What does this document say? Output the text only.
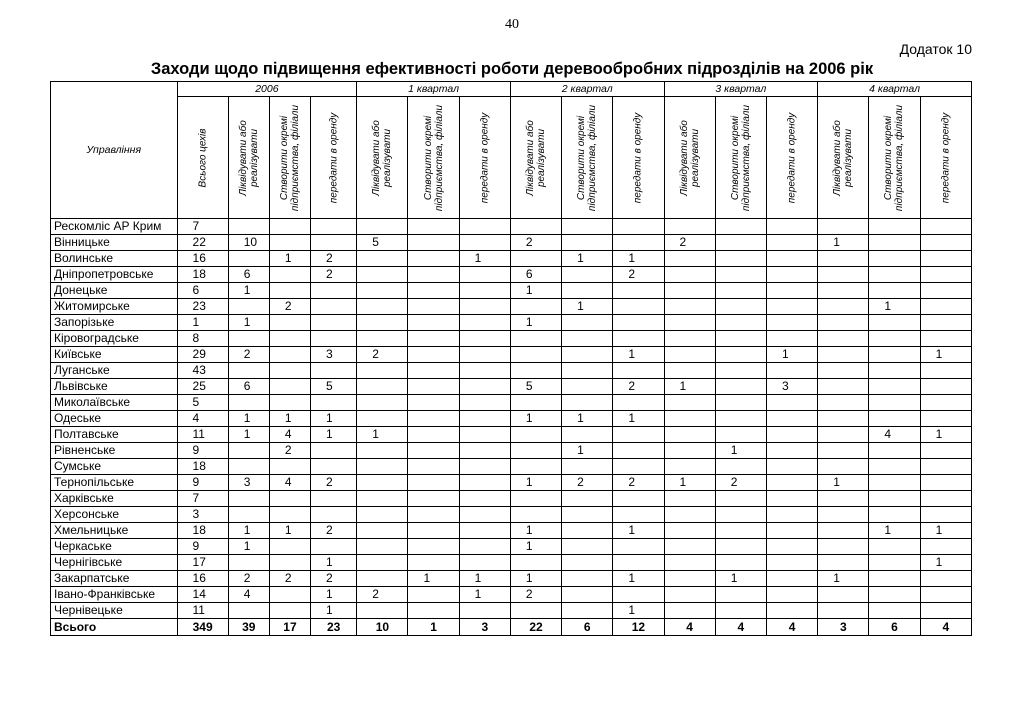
40
Додаток 10
Заходи щодо підвищення ефективності роботи деревообробних підрозділів на 2006 рік
Управління	2006				1 квартал			2 квартал			3 квартал			4 квартал		

	Всього цехів	Ліквідувати або реалізувати	Створити окремі підприємства, філіали	передати в оренду	Ліквідувати або реалізувати	Створити окремі підприємства, філіали	передати в оренду	Ліквідувати або реалізувати	Створити окремі підприємства, філіали	передати в оренду	Ліквідувати або реалізувати	Створити окремі підприємства, філіали	передати в оренду	Ліквідувати або реалізувати	Створити окремі підприємства, філіали	передати в оренду

Рескомліс АР Крим	7															
Вінницьке	22	10			5			2			2			1		
Волинське	16		1	2			1		1	1						
Дніпропетровське	18	6		2				6		2						
Донецьке	6	1						1								
Житомирське	23		2						1						1	
Запорізьке	1	1						1								
Кіровоградське	8															
Київське	29	2		3	2					1			1			1
Луганське	43															
Львівське	25	6		5				5		2	1		3			
Миколаївське	5															
Одеське	4	1	1	1				1	1	1						
Полтавське	11	1	4	1	1										4	1
Рівненське	9		2						1			1				
Сумське	18															
Тернопільське	9	3	4	2				1	2	2	1	2		1		
Харківське	7															
Херсонське	3															
Хмельницьке	18	1	1	2				1		1					1	1
Черкаське	9	1						1								
Чернігівське	17			1												1
Закарпатське	16	2	2	2		1	1	1		1		1		1		
Івано-Франківське	14	4		1	2		1	2								
Чернівецьке	11			1						1						
Всього	349	39	17	23	10	1	3	22	6	12	4	4	4	3	6	4
